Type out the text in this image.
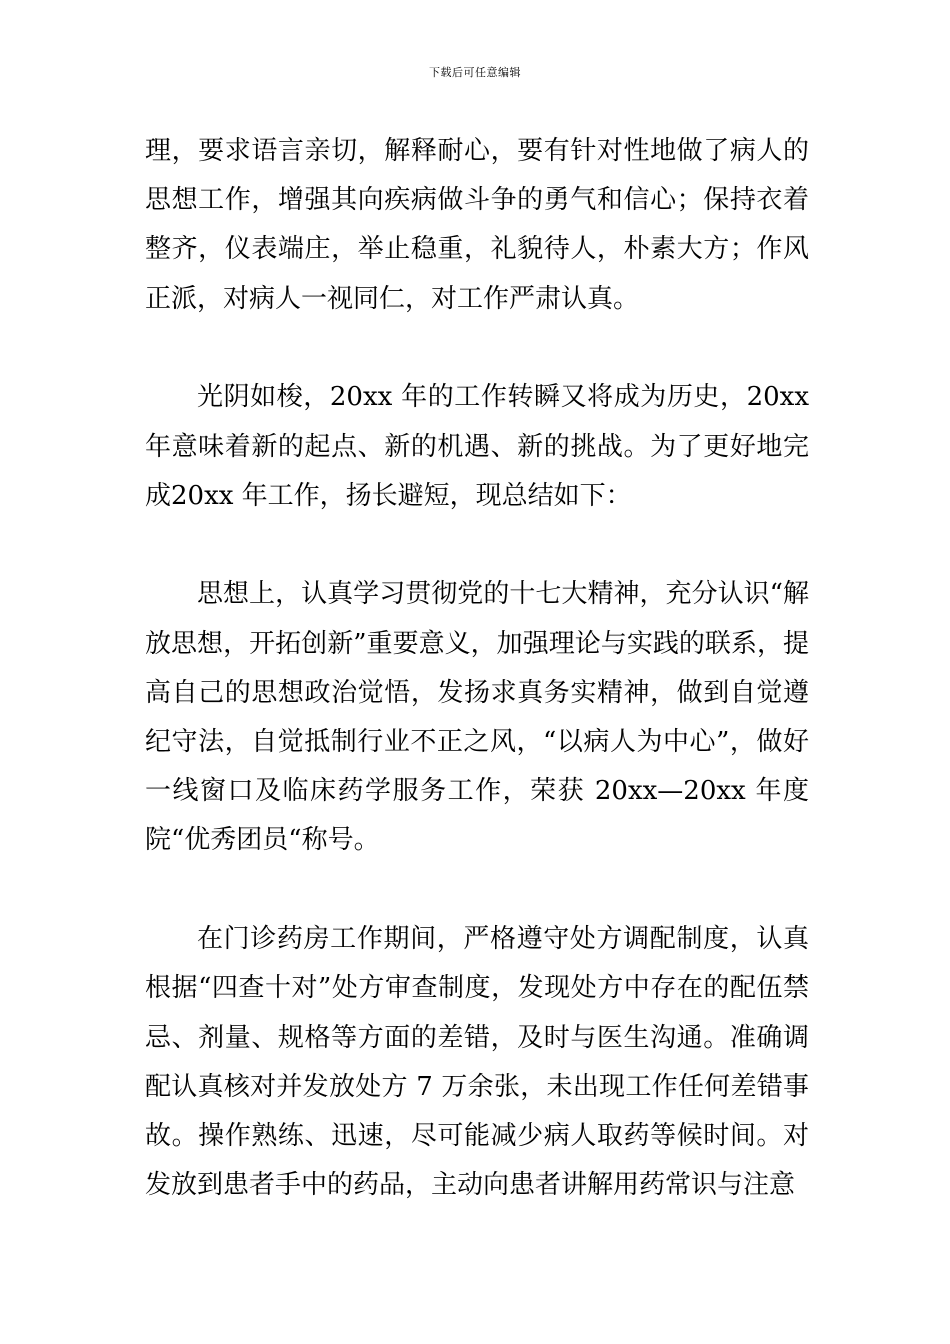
下载后可任意编辑

理，要求语言亲切，解释耐心，要有针对性地做了病人的思想工作，增强其向疾病做斗争的勇气和信心；保持衣着整齐，仪表端庄，举止稳重，礼貌待人，朴素大方；作风正派，对病人一视同仁，对工作严肃认真。

光阴如梭，20xx 年的工作转瞬又将成为历史，20xx 年意味着新的起点、新的机遇、新的挑战。为了更好地完成20xx 年工作，扬长避短，现总结如下：

思想上，认真学习贯彻党的十七大精神，充分认识“解放思想，开拓创新”重要意义，加强理论与实践的联系，提高自己的思想政治觉悟，发扬求真务实精神，做到自觉遵纪守法，自觉抵制行业不正之风，“以病人为中心”，做好一线窗口及临床药学服务工作，荣获 20xx—20xx 年度院“优秀团员“称号。

在门诊药房工作期间，严格遵守处方调配制度，认真根据“四查十对”处方审查制度，发现处方中存在的配伍禁忌、剂量、规格等方面的差错，及时与医生沟通。准确调配认真核对并发放处方 7 万余张，未出现工作任何差错事故。操作熟练、迅速，尽可能减少病人取药等候时间。对发放到患者手中的药品，主动向患者讲解用药常识与注意
